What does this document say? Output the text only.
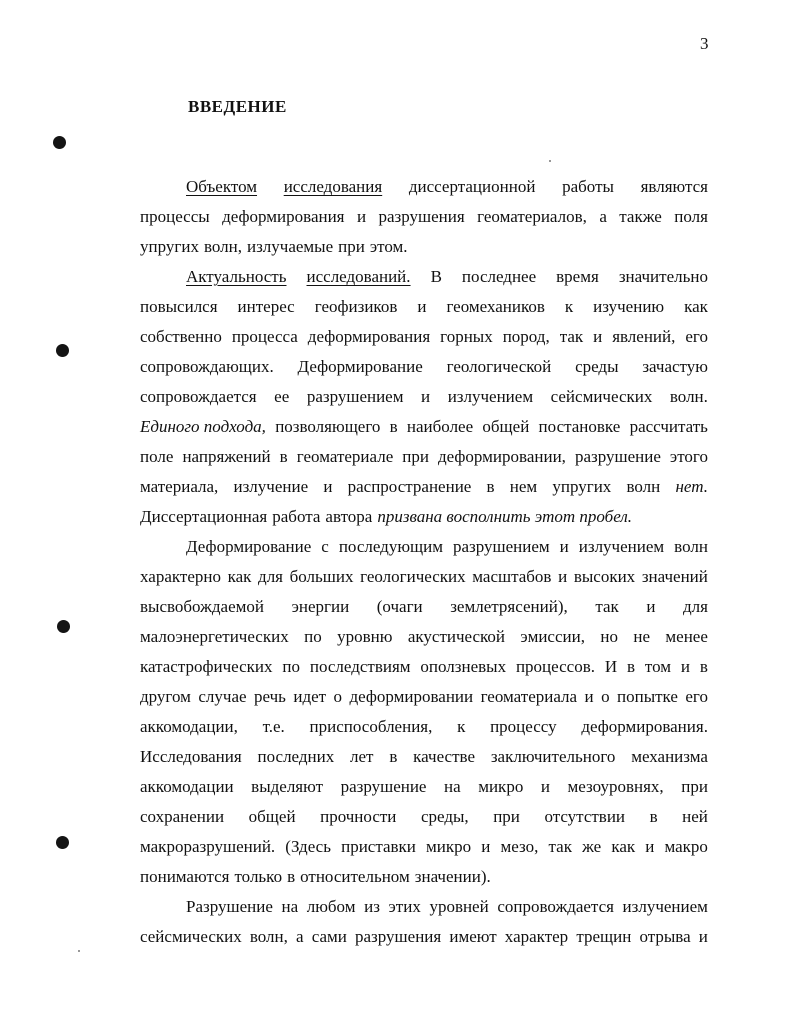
3
ВВЕДЕНИЕ
Объектом исследования диссертационной работы являются
процессы деформирования и разрушения геоматериалов, а также поля
упругих волн, излучаемые при этом.
Актуальность исследований. В последнее время значительно
повысился интерес геофизиков и геомехаников к изучению как
собственно процесса деформирования горных пород, так и явлений, его
сопровождающих. Деформирование геологической среды зачастую
сопровождается ее разрушением и излучением сейсмических волн.
Единого подхода, позволяющего в наиболее общей постановке рассчитать
поле напряжений в геоматериале при деформировании, разрушение этого
материала, излучение и распространение в нем упругих волн нет.
Диссертационная работа автора призвана восполнить этот пробел.
Деформирование с последующим разрушением и излучением волн
характерно как для больших геологических масштабов и высоких значений
высвобождаемой энергии (очаги землетрясений), так и для
малоэнергетических по уровню акустической эмиссии, но не менее
катастрофических по последствиям оползневых процессов. И в том и в
другом случае речь идет о деформировании геоматериала и о попытке его
аккомодации, т.е. приспособления, к процессу деформирования.
Исследования последних лет в качестве заключительного механизма
аккомодации выделяют разрушение на микро и мезоуровнях, при
сохранении общей прочности среды, при отсутствии в ней
макроразрушений. (Здесь приставки микро и мезо, так же как и макро
понимаются только в относительном значении).
Разрушение на любом из этих уровней сопровождается излучением
сейсмических волн, а сами разрушения имеют характер трещин отрыва и
